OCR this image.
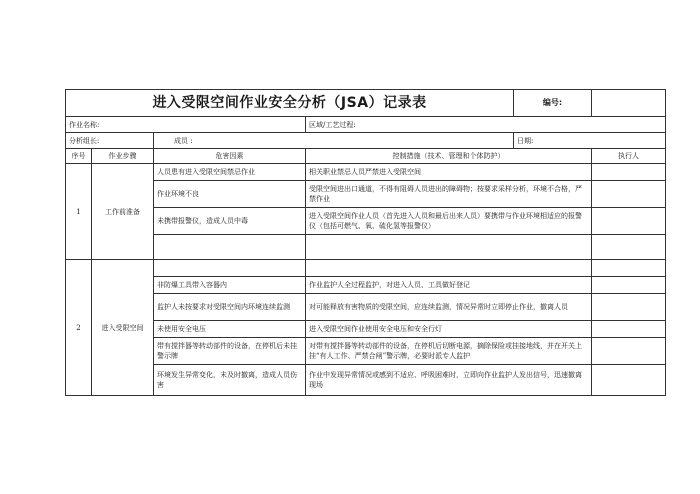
进入受限空间作业安全分析（JSA）记录表				编号:	
作业名称:			区域/工艺过程:		
分析组长:		成员 :		日期:	
序号	作业步骤	危害因素	控制措施（技术、管理和个体防护）		执行人
1	工作前准备	人员患有进入受限空间禁忌作业	相关职业禁忌人员严禁进入受限空间		
		作业环境不良	受限空间进出口通道，不得有阻碍人员进出的障碍物；按要求采样分析，环境不合格，严禁作业		
		未携带报警仪，造成人员中毒	进入受限空间作业人员（首先进入人员和最后出来人员）要携带与作业环境相适应的报警仪（包括可燃气、氧、硫化氢等报警仪）		

2	进入受限空间				
		非防爆工具带入容器内	作业监护人全过程监护，对进入人员、工具做好登记		
		监护人未按要求对受限空间内环境连续监测	对可能释放有害物质的受限空间，应连续监测，情况异常时立即停止作业，撤离人员		
		未使用安全电压	进入受限空间作业使用安全电压和安全行灯		
		带有搅拌器等转动部件的设备，在停机后未挂警示牌	对带有搅拌器等转动部件的设备，在停机后切断电源，摘除保险或挂接地线，并在开关上挂“有人工作、严禁合闸”警示牌，必要时派专人监护		
		环境发生异常变化，未及时撤离，造成人员伤害	作业中发现异常情况或感到不适应、呼吸困难时，立即向作业监护人发出信号，迅速撤离现场		
